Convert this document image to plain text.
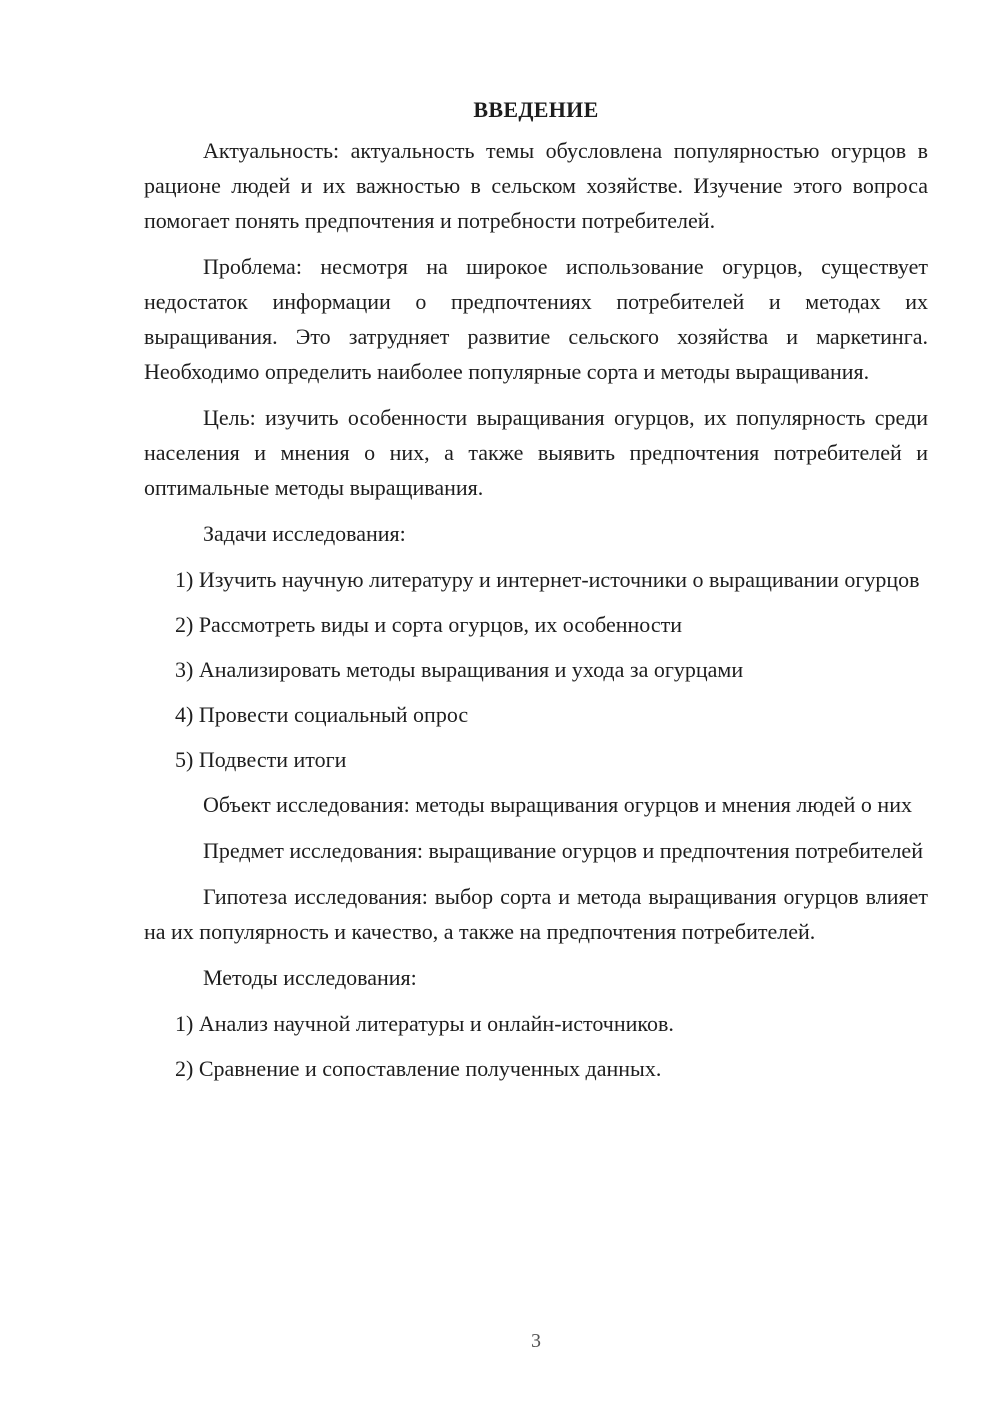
ВВЕДЕНИЕ

Актуальность: актуальность темы обусловлена популярностью огурцов в рационе людей и их важностью в сельском хозяйстве. Изучение этого вопроса помогает понять предпочтения и потребности потребителей.

Проблема: несмотря на широкое использование огурцов, существует недостаток информации о предпочтениях потребителей и методах их выращивания. Это затрудняет развитие сельского хозяйства и маркетинга. Необходимо определить наиболее популярные сорта и методы выращивания.

Цель: изучить особенности выращивания огурцов, их популярность среди населения и мнения о них, а также выявить предпочтения потребителей и оптимальные методы выращивания.

Задачи исследования:

1) Изучить научную литературу и интернет-источники о выращивании огурцов

2) Рассмотреть виды и сорта огурцов, их особенности

3) Анализировать методы выращивания и ухода за огурцами

4) Провести социальный опрос

5) Подвести итоги

Объект исследования: методы выращивания огурцов и мнения людей о них

Предмет исследования: выращивание огурцов и предпочтения потребителей

Гипотеза исследования: выбор сорта и метода выращивания огурцов влияет на их популярность и качество, а также на предпочтения потребителей.

Методы исследования:

1) Анализ научной литературы и онлайн-источников.

2) Сравнение и сопоставление полученных данных.

3
